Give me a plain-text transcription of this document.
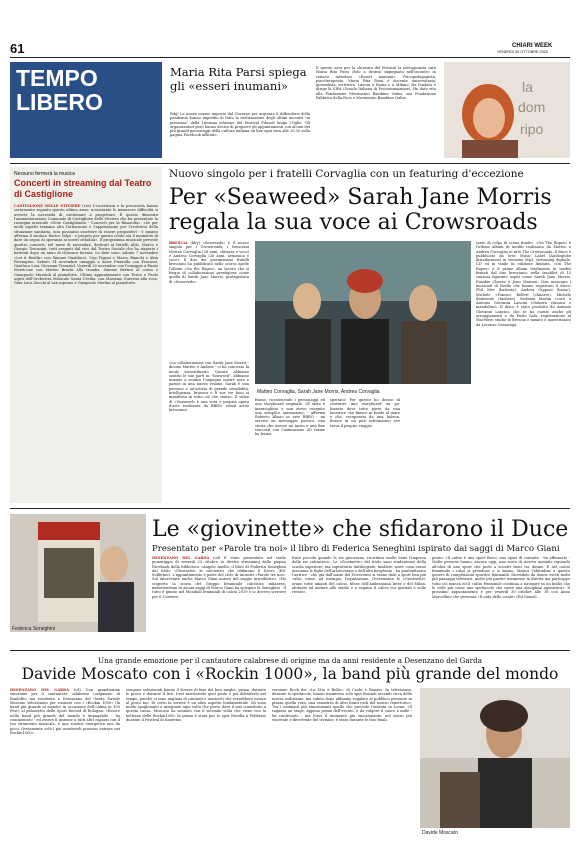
61	CHIARI WEEK
VENERDÌ 30 OTTOBRE 2020
TEMPO LIBERO
Maria Rita Parsi spiega gli «esseri inumani»
(bbj) Le nuove norme imposte dal Governo per arginare il diffondersi della pandemia hanno impedito di fatto la realizzazione degli ultimi incontri "in presenza" della 16esima edizione del Festival Filosofi lungo l'Oglio. Gli organizzatori però hanno deciso di proporre gli appuntamenti con alcuni dei più grandi personaggi della cultura italiana on line ogni sera alle 20.30 sulla pagina Facebook ufficiale.
Il questo sera per la chiusura del Festival la protagonista sarà Maria Rita Parsi (foto a destra) impegnata nell'incontro in remoto intitolato «Esseri inumani». Psicopedagogista, psicoterapeuta, Maria Rita Parsi è docente universitaria, giornalista, scrittrice. Lavora a Roma e a Milano. Ha fondato e dirige la SIPA (Scuola Italiana di Psicoanimazione). Ha dato vita alla Fondazione Movimento Bambino Onlus, ora Fondazione Fabbrica della Pace e Movimento Bambino Onlus.
la
dom
ripo
Nessuno fermerà la musica
Concerti in streaming dal Teatro di Castiglione
CASTIGLIONE DELLE STIVIERE (ces) L'incertezza e la precarietà hanno certamente segnato questo ultimo anno: nonostante le numerose difficoltà si avverte la necessità di continuare a progettare. È questo dimostra l'amministrazione Comunale di Castiglione delle Stiviere che ha presentato la rassegna musicale «Note Castiglionesi - Concerti per la Rinascita». «Se per molti aspetti teniamo alta l'attenzione e l'apprensione per l'evolversi della situazione sanitaria, non possiamo smettere di essere propositivi - è quanto afferma il sindaco Enrico Volpi - e proprio per questo credo sia il momento di dare un segno di speranza ai nostri cittadini». Il programma musicale prevede quattro concerti, nel mese di novembre, dedicati ai fratelli Aldo, Marco e Giorgio Toscanini, tutti eseguiti dal vivo dal Teatro Sociale che ha riaperto i battenti dopo un anno di chiusura forzata. Le date sono: sabato 7 novembre «Let it Realtà» con Simone Gualducci, Ugo Tegoni e Marco Bianchi e Alan Farrington. Sabato 14 novembre omaggio a Astor Piazzolla con Fracassi, Gianluca Lusi, Giovanni Tessariol. Venerdì 20 novembre con l'omaggio a Ennio Morricone con Matteo Brachi alla tromba, Simone Bertesi al corno e Giampaolo Muzzioli al pianoforte. Ultimo appuntamento con Tenco e Paolo ospiti dell'Orchestra Musicale Santa Cecilia, con Massimo Guerrini alla voce, Gian Luca Zucchi al sax soprano e Gianpaolo Merlini al pianoforte.
Nuovo singolo per i fratelli Corvaglia con un featuring d'eccezione
Per «Seaweed» Sarah Jane Morris regala la sua voce ai Crowsroads
BRESCIA (bby) «Seaweeds» è il nuovo singolo per i Crowsroads, i bresciani Matteo Corvaglia (28 anni, chitarra e voce) e Andrea Corvaglia (26 anni, armonica e voce). Il duo dei giovanissimi fratelli bresciani ha pubblicato nello scorso aprile l'album «On the Ropes», un lavoro che si fregia di collaborazioni prestigiose come quella di Sarah Jane Morris, protagonista di «Seaweeds».
«La collaborazione con Sarah Jane Morris - dicono Matteo e Andrea - ci ha concesso la modo straordinario. Questo abbiamo sentito le sue parti in "Seaweed", abbiamo iniziato a sentire l'impegno nostre note e parole in una nuova visione. Sarah è una persona e un'artista di grande sensibilità, intelligenza, bravura e li sue tre fono si manifesta in tutto ciò che canta». Il video di «Seaweed» è una vera e propria opera d'arte realizzata da BBRO, visual artist bresciano.
Matteo Corvaglia, Sarah Jane Morris, Andrea Corvaglia
frame, ricostruendo i personaggi ed uno storyboard originale. «È stato è meraviglioso e non avevo eseguito una semplice animazione, - afferma Roberto Blasio in arte BBRO - mi servivo un messaggio poetico, una storia che avesse un inizio e una fine tracciati con l'animazione 2D frame by frame.
spettato! Per questo ho deciso di costruire uno storyboard un po' fuzzato dove tutte parte da una lavatrice che finisce in fondo al mare e che, recuperata da una balena, finisce in un pub sottomarino ove trova il proprio viaggio.
tanto di colpo di scena finale». «On The Ropes» è l'ultimo album di inediti realizzato da Matteo e Andrea Corvaglia in arte The Crowsroads. Il disco è pubblicato da Vrec Music Label (Audioglobe distribuzione) in versione Mp3, streaming digitale, CD ed in vinile in edizione limitata. «On The Ropes» è il primo album totalmente in inediti firmati dal duo bresciano: nella tracklist di 12 canzoni figurano ospiti come Sarah Jane Morris, Frankie Chavez e Jono Manson. Non mancano i musicisti di livello che hanno registrato il disco: Phil Mer (batteria), Andrea Gipponi (basso), Michele «Poncio» Belleri (chitarre), Michele Bonivento (tastiere), Stefania Martin (cori) e Antonio Giovanni Lancini (chitarra classica e mandolino). Il disco è stato prodotto da Antonio Giovanni Lancini, che se ha curato anche gli arrangiamenti e da Paolo Sala, registrazione al MacWave studio di Brescia e mixato e masterizzato da Lorenzo Cazzaniga.
Federica Seneghini
Le «giovinette» che sfidarono il Duce
Presentato per «Parole tra noi» il libro di Federica Seneghini ispirato dai saggi di Marco Giani
DESENZANO DEL GARDA (cd) È stato presentato nel tardo pomeriggio di venerdì 23 ottobre in diretta streaming dalla pagina Facebook della biblioteca «Angelo Anelli» il libro di Federica Seneghini dal titolo «Giovinette: le calciatrici che sfidarono il Duce» (Ed. Solferino). L'appuntamento è parte del ciclo di incontri «Parole tra noi». Sul intervenire anche Marco Giani autore del saggio introduttivo. «Ho scoperto la storia del Gruppo femminile calcistico milanese, imbattendomi in alcuni saggi di Marco Giani ha spiegato la Seneghini - Il tutto è giunto nel Mondiali femminili di calcio 2019 e io dovevo scrivere per il Corriere.
fosse piccola quando le zie giocavano, ricordava molto bene l'impresa delle zie calciatrici». Le «Giovinette» del titolo sono studentesse della scuola superiore, ma soprattutto dattilografe, modiste, sarte «non erano insomma le figlie dell'aristocrazia o dell'alta borghesia - ha puntualizzato l'autrice - che già dall'inizio del Novecento si erano date a sport ben più «alti» come, ad esempio, l'equitazione. Ovviamente le «Giovinette» erano tutte amanti del calcio, tifose dell'Ambrosiana Inter o del Milan, abituate ad andare allo stadio e a seguire il calcio sui giornali e sulle riviste».
punto: «Il calcio è uno sport fisico, uno sport di contatto - ha affermato - Molte persone hanno, ancora oggi, uno sorta di riserva mentale riguardo all'idea di uno sport che porti a scontri fisici tra donne. E nel calcio femminile i colpi si prendono e si danno. Manca l'abitudine a questo genere di competizioni sportive femminili. Dicendolo da donne esteti molti più passaggi televisivi, molte più partite trasmesse in diretta ma purtroppo tutto ciò manca ed il calcio femminile continua a navigare in un limbo che le vede più come uno spettacolo che come una disciplina agonistica». Il prossimo appuntamento è per venerdì 30 ottobre alle 18 con Anna Marcellino che presenta «Il nido delle cicale» (Ed.Giunti).
Una grande emozione per il cantautore calabrese di origine ma da anni residente a Desenzano del Garda
Davide Moscato con i «Rockin 1000», la band più grande del mondo
DESENZANO DEL GARDA (cd) Una grandissima emozione per il cantautore calabrese (originario di Ranfolfo) ma residente a Desenzano del Garda Davide Moscato selezionato per suonare con i «Rockin 1000» (la band più grande al mondo) in occasione dell'«Alma in 100 Fest» al palazzetto delle Sport Record di Bologna: «Essere nella band più grande del mondo è impagabile - ha commentato - ed essere lì insieme a tutti altri ragazzi con il tuo strumento musicale, è una scarica energetica non da poco. Ovviamente solo i più meritevoli possono entrare nei Rockin1000».
vengono selezionati hanno il dovere di fare del loro meglio, prima, durante le prove e durante il live. Devi meritartelo quel posto e poi difenderlo nel tempo, perché ci sono migliaia di cantanti e musicisti che vorrebbero essere al posto tuo. Di certo la serietà è un altro aspetto fondamentale. Mi sono molto spoglionato e insegnato ogni volta che provo dove il mio contributo a questa causa. Moscato ha suonato con il secondo volta che viene con la bellezza delle Rockin1000: la prima è stata per lo spot Nutella a Febbraio durante il Festival di Sanremo.
versione Rock dei «La Vita è Bella», di Cochi e Renato. In televisione, durante lo spettacolo, hanno trasmesso solo spot frontali secondi circa della nostra esibizione, ma subito dopo abbiamo regalato al pubblico presente in piazza quella vera, una esaustiva di altri brani rock del nostro repertorio». Tra i momenti più emozionanti quello che precede l'entrata in scena: «Il ragazzo un stage, appena prima dell'evento, è da volgere il cuore a mille - ha confessato - ma forse il momento più emozionante, nel senso più viscerale e divertente del termine, è stato durante le foto finali.
Davide Moscato
